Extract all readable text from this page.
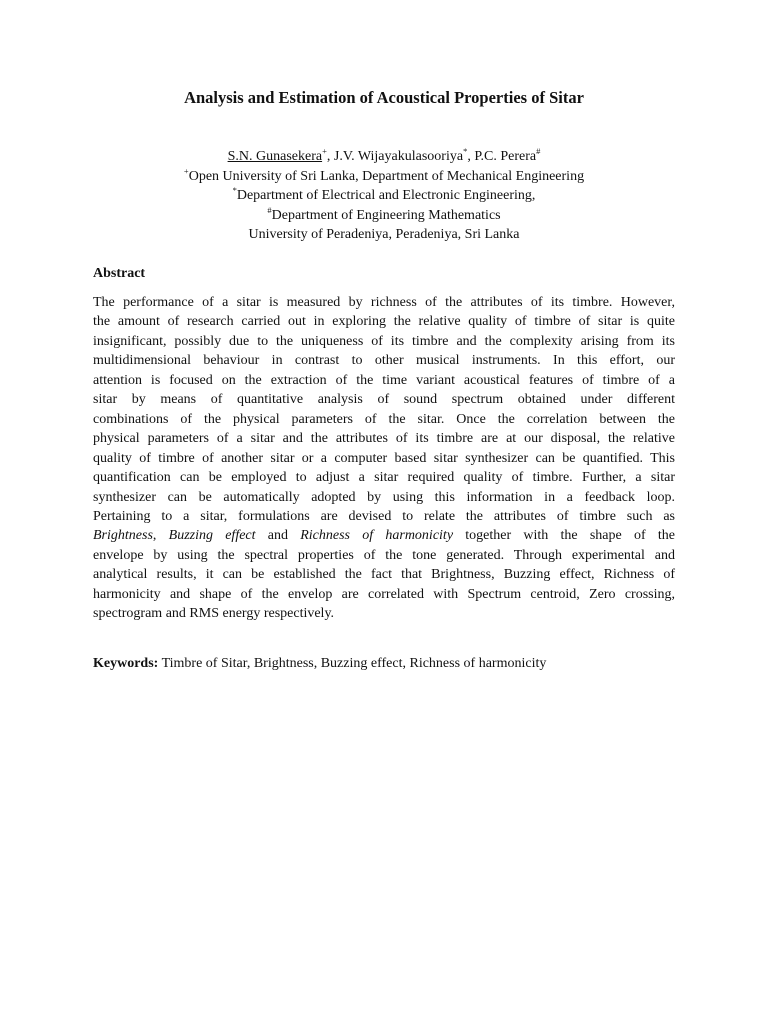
Analysis and Estimation of Acoustical Properties of Sitar
S.N. Gunasekera+, J.V. Wijayakulasooriya*, P.C. Perera#
+Open University of Sri Lanka, Department of Mechanical Engineering
*Department of Electrical and Electronic Engineering,
#Department of Engineering Mathematics
University of Peradeniya, Peradeniya, Sri Lanka
Abstract
The performance of a sitar is measured by richness of the attributes of its timbre. However,
the amount of research carried out in exploring the relative quality of timbre of sitar is quite
insignificant, possibly due to the uniqueness of its timbre and the complexity arising from its
multidimensional behaviour in contrast to other musical instruments. In this effort, our
attention is focused on the extraction of the time variant acoustical features of timbre of a
sitar by means of quantitative analysis of sound spectrum obtained under different
combinations of the physical parameters of the sitar. Once the correlation between the
physical parameters of a sitar and the attributes of its timbre are at our disposal, the relative
quality of timbre of another sitar or a computer based sitar synthesizer can be quantified. This
quantification can be employed to adjust a sitar required quality of timbre. Further, a sitar
synthesizer can be automatically adopted by using this information in a feedback loop.
Pertaining to a sitar, formulations are devised to relate the attributes of timbre such as
Brightness, Buzzing effect and Richness of harmonicity together with the shape of the
envelope by using the spectral properties of the tone generated. Through experimental and
analytical results, it can be established the fact that Brightness, Buzzing effect, Richness of
harmonicity and shape of the envelop are correlated with Spectrum centroid, Zero crossing,
spectrogram and RMS energy respectively.
Keywords: Timbre of Sitar, Brightness, Buzzing effect, Richness of harmonicity
